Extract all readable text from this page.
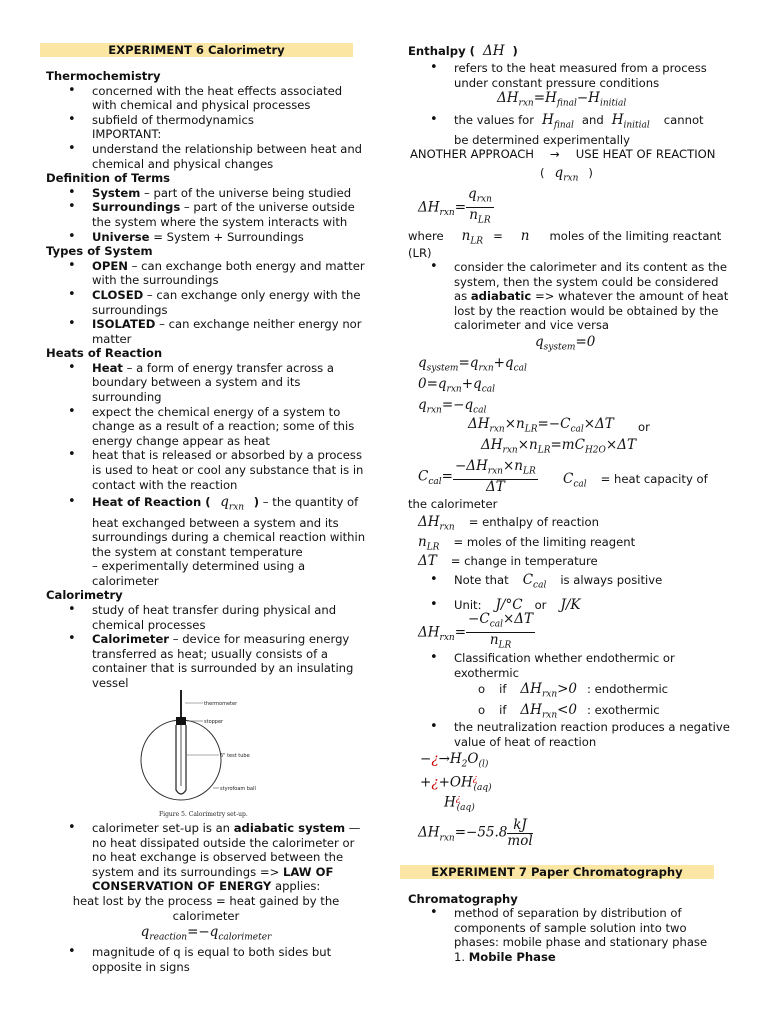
EXPERIMENT 6 Calorimetry
Thermochemistry
• concerned with the heat effects associated with chemical and physical processes
• subfield of thermodynamics
IMPORTANT:
• understand the relationship between heat and chemical and physical changes
Definition of Terms
• System – part of the universe being studied
• Surroundings – part of the universe outside the system where the system interacts with
• Universe = System + Surroundings
Types of System
• OPEN – can exchange both energy and matter with the surroundings
• CLOSED – can exchange only energy with the surroundings
• ISOLATED – can exchange neither energy nor matter
Heats of Reaction
• Heat – a form of energy transfer across a boundary between a system and its surrounding
• expect the chemical energy of a system to change as a result of a reaction; some of this energy change appear as heat
• heat that is released or absorbed by a process is used to heat or cool any substance that is in contact with the reaction
• Heat of Reaction ( $q_{rxn}$ ) – the quantity of
heat exchanged between a system and its surroundings during a chemical reaction within the system at constant temperature
– experimentally determined using a calorimeter
Calorimetry
• study of heat transfer during physical and chemical processes
• Calorimeter – device for measuring energy transferred as heat; usually consists of a container that is surrounded by an insulating vessel
thermometer
stopper
6" test tube
styrofoam ball
Figure 5. Calorimetry set-up.
• calorimeter set-up is an adiabatic system — no heat dissipated outside the calorimeter or no heat exchange is observed between the system and its surroundings => LAW OF CONSERVATION OF ENERGY applies:
heat lost by the process = heat gained by the calorimeter
$q_{reaction}=-q_{calorimeter}$
• magnitude of q is equal to both sides but opposite in signs
Enthalpy ( ΔH )
• refers to the heat measured from a process under constant pressure conditions
$\Delta H_{rxn}=H_{final}-H_{initial}$
• the values for $H_{final}$ and $H_{initial}$ cannot
be determined experimentally
ANOTHER APPROACH → USE HEAT OF REACTION
( $q_{rxn}$ )
$\Delta H_{rxn}= \frac{q_{rxn}}{n_{LR}}$
where $n_{LR} = n$ moles of the limiting reactant
(LR)
• consider the calorimeter and its content as the system, then the system could be considered as adiabatic => whatever the amount of heat lost by the reaction would be obtained by the calorimeter and vice versa
$q_{system}=0$
$q_{system}=q_{rxn}+q_{cal}$
$0=q_{rxn}+q_{cal}$
$q_{rxn}=-q_{cal}$
$\Delta H_{rxn}\times n_{LR}=-C_{cal}\times\Delta T$ or
$\Delta H_{rxn}\times n_{LR}=mC_{H2O}\times\Delta T$
$C_{cal}= \frac{-\Delta H_{rxn}\times n_{LR}}{\Delta T} C_{cal}$ = heat capacity of
the calorimeter
$\Delta H_{rxn}$ = enthalpy of reaction
$n_{LR}$ = moles of the limiting reagent
ΔT = change in temperature
• Note that $C_{cal}$ is always positive
• Unit: J/°C or J/K
$\Delta H_{rxn}= \frac{-C_{cal}\times\Delta T}{n_{LR}}$
• Classification whether endothermic or exothermic
o if $\Delta H_{rxn}>0$ : endothermic
o if $\Delta H_{rxn}<0$ : exothermic
• the neutralization reaction produces a negative value of heat of reaction
$-¿\to H_2O_{(l)}$
$+¿+OH^¿_{(aq)}$
$H^¿_{(aq)}$
$\Delta H_{rxn}=-55.8 \frac{kJ}{\text{mol}}$
EXPERIMENT 7 Paper Chromatography
Chromatography
• method of separation by distribution of components of sample solution into two phases: mobile phase and stationary phase
1. Mobile Phase
